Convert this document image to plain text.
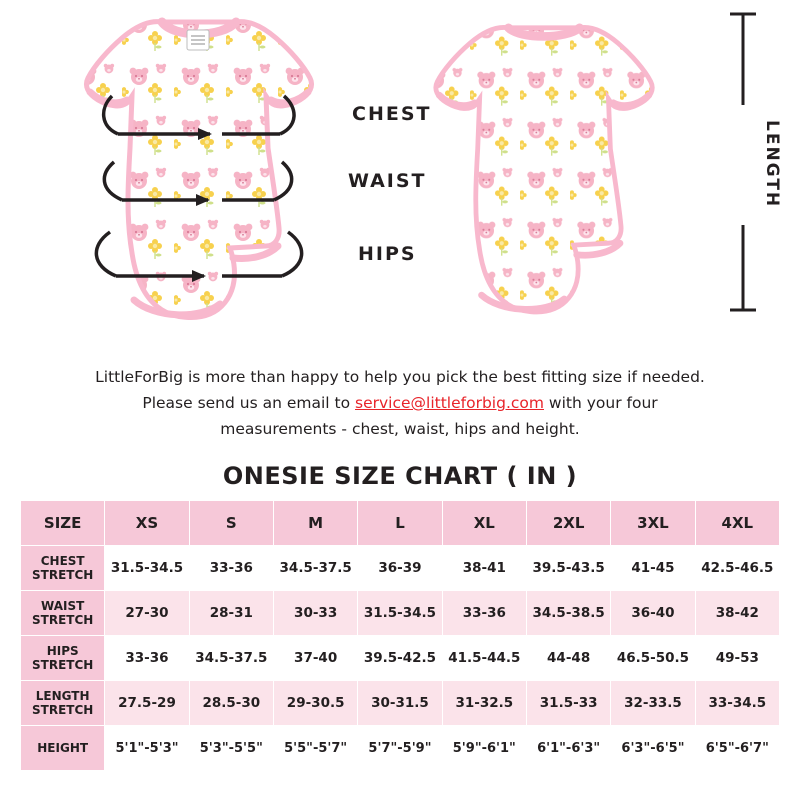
CHEST
WAIST
HIPS
LENGTH
LittleForBig is more than happy to help you pick the best fitting size if needed.
Please send us an email to service@littleforbig.com with your four
measurements - chest, waist, hips and height.
ONESIE SIZE CHART ( IN )
SIZE	XS	S	M	L	XL	2XL	3XL	4XL

CHEST
STRETCH	31.5-34.5	33-36	34.5-37.5	36-39	38-41	39.5-43.5	41-45	42.5-46.5

WAIST
STRETCH	27-30	28-31	30-33	31.5-34.5	33-36	34.5-38.5	36-40	38-42

HIPS
STRETCH	33-36	34.5-37.5	37-40	39.5-42.5	41.5-44.5	44-48	46.5-50.5	49-53

LENGTH
STRETCH	27.5-29	28.5-30	29-30.5	30-31.5	31-32.5	31.5-33	32-33.5	33-34.5

HEIGHT	5'1"-5'3"	5'3"-5'5"	5'5"-5'7"	5'7"-5'9"	5'9"-6'1"	6'1"-6'3"	6'3"-6'5"	6'5"-6'7"
